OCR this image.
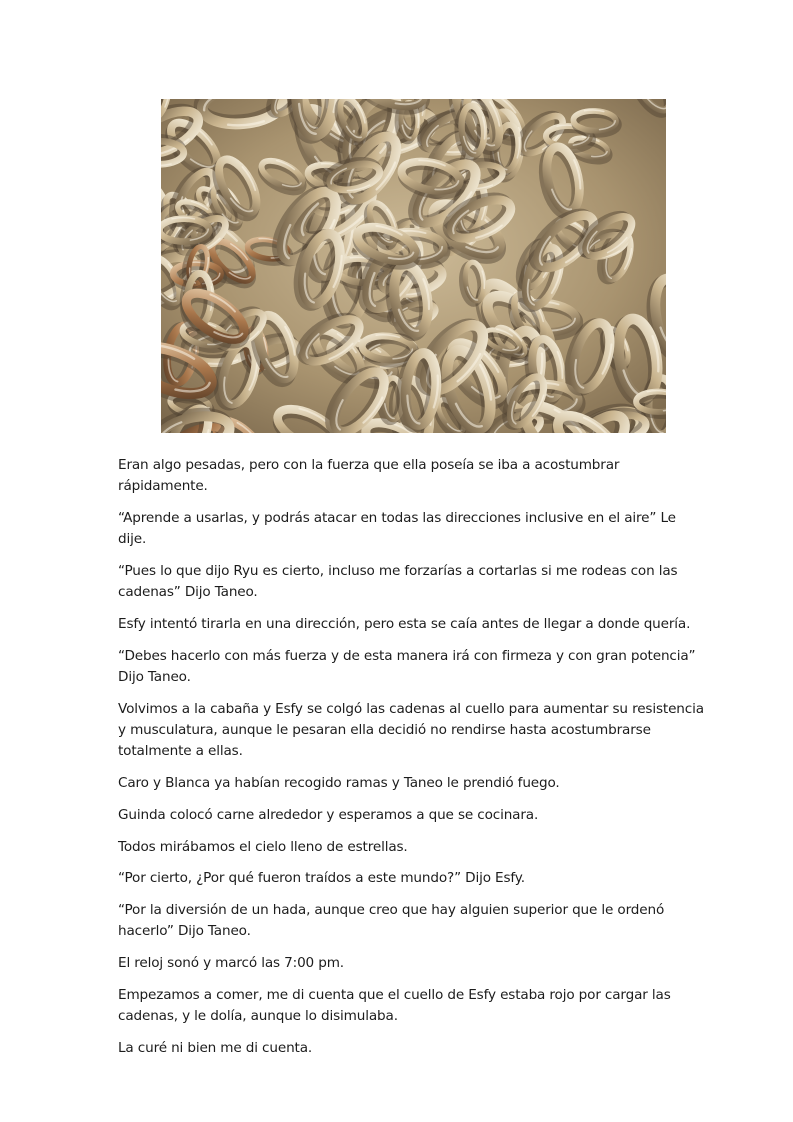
Eran algo pesadas, pero con la fuerza que ella poseía se iba a acostumbrar rápidamente.

“Aprende a usarlas, y podrás atacar en todas las direcciones inclusive en el aire” Le dije.

“Pues lo que dijo Ryu es cierto, incluso me forzarías a cortarlas si me rodeas con las cadenas” Dijo Taneo.

Esfy intentó tirarla en una dirección, pero esta se caía antes de llegar a donde quería.

“Debes hacerlo con más fuerza y de esta manera irá con firmeza y con gran potencia” Dijo Taneo.

Volvimos a la cabaña y Esfy se colgó las cadenas al cuello para aumentar su resistencia y musculatura, aunque le pesaran ella decidió no rendirse hasta acostumbrarse totalmente a ellas.

Caro y Blanca ya habían recogido ramas y Taneo le prendió fuego.

Guinda colocó carne alrededor y esperamos a que se cocinara.

Todos mirábamos el cielo lleno de estrellas.

“Por cierto, ¿Por qué fueron traídos a este mundo?” Dijo Esfy.

“Por la diversión de un hada, aunque creo que hay alguien superior que le ordenó hacerlo” Dijo Taneo.

El reloj sonó y marcó las 7:00 pm.

Empezamos a comer, me di cuenta que el cuello de Esfy estaba rojo por cargar las cadenas, y le dolía, aunque lo disimulaba.

La curé ni bien me di cuenta.
